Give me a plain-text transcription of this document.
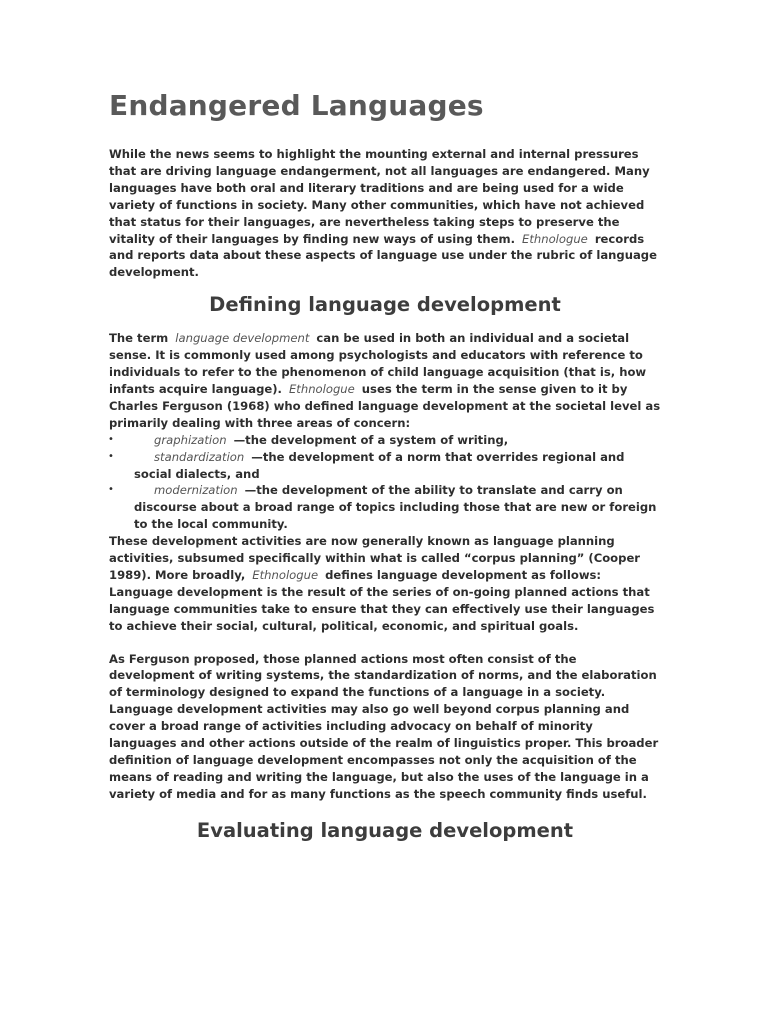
Endangered Languages

While the news seems to highlight the mounting external and internal pressures that are driving language endangerment, not all languages are endangered. Many languages have both oral and literary traditions and are being used for a wide variety of functions in society. Many other communities, which have not achieved that status for their languages, are nevertheless taking steps to preserve the vitality of their languages by finding new ways of using them. Ethnologue records and reports data about these aspects of language use under the rubric of language development.

Defining language development

The term language development can be used in both an individual and a societal sense. It is commonly used among psychologists and educators with reference to individuals to refer to the phenomenon of child language acquisition (that is, how infants acquire language). Ethnologue uses the term in the sense given to it by Charles Ferguson (1968) who defined language development at the societal level as primarily dealing with three areas of concern:

•	graphization —the development of a system of writing,
•	standardization —the development of a norm that overrides regional and social dialects, and
•	modernization —the development of the ability to translate and carry on discourse about a broad range of topics including those that are new or foreign to the local community.

These development activities are now generally known as language planning activities, subsumed specifically within what is called “corpus planning” (Cooper 1989). More broadly, Ethnologue defines language development as follows:

Language development is the result of the series of on-going planned actions that language communities take to ensure that they can effectively use their languages to achieve their social, cultural, political, economic, and spiritual goals.

As Ferguson proposed, those planned actions most often consist of the development of writing systems, the standardization of norms, and the elaboration of terminology designed to expand the functions of a language in a society. Language development activities may also go well beyond corpus planning and cover a broad range of activities including advocacy on behalf of minority languages and other actions outside of the realm of linguistics proper. This broader definition of language development encompasses not only the acquisition of the means of reading and writing the language, but also the uses of the language in a variety of media and for as many functions as the speech community finds useful.

Evaluating language development
